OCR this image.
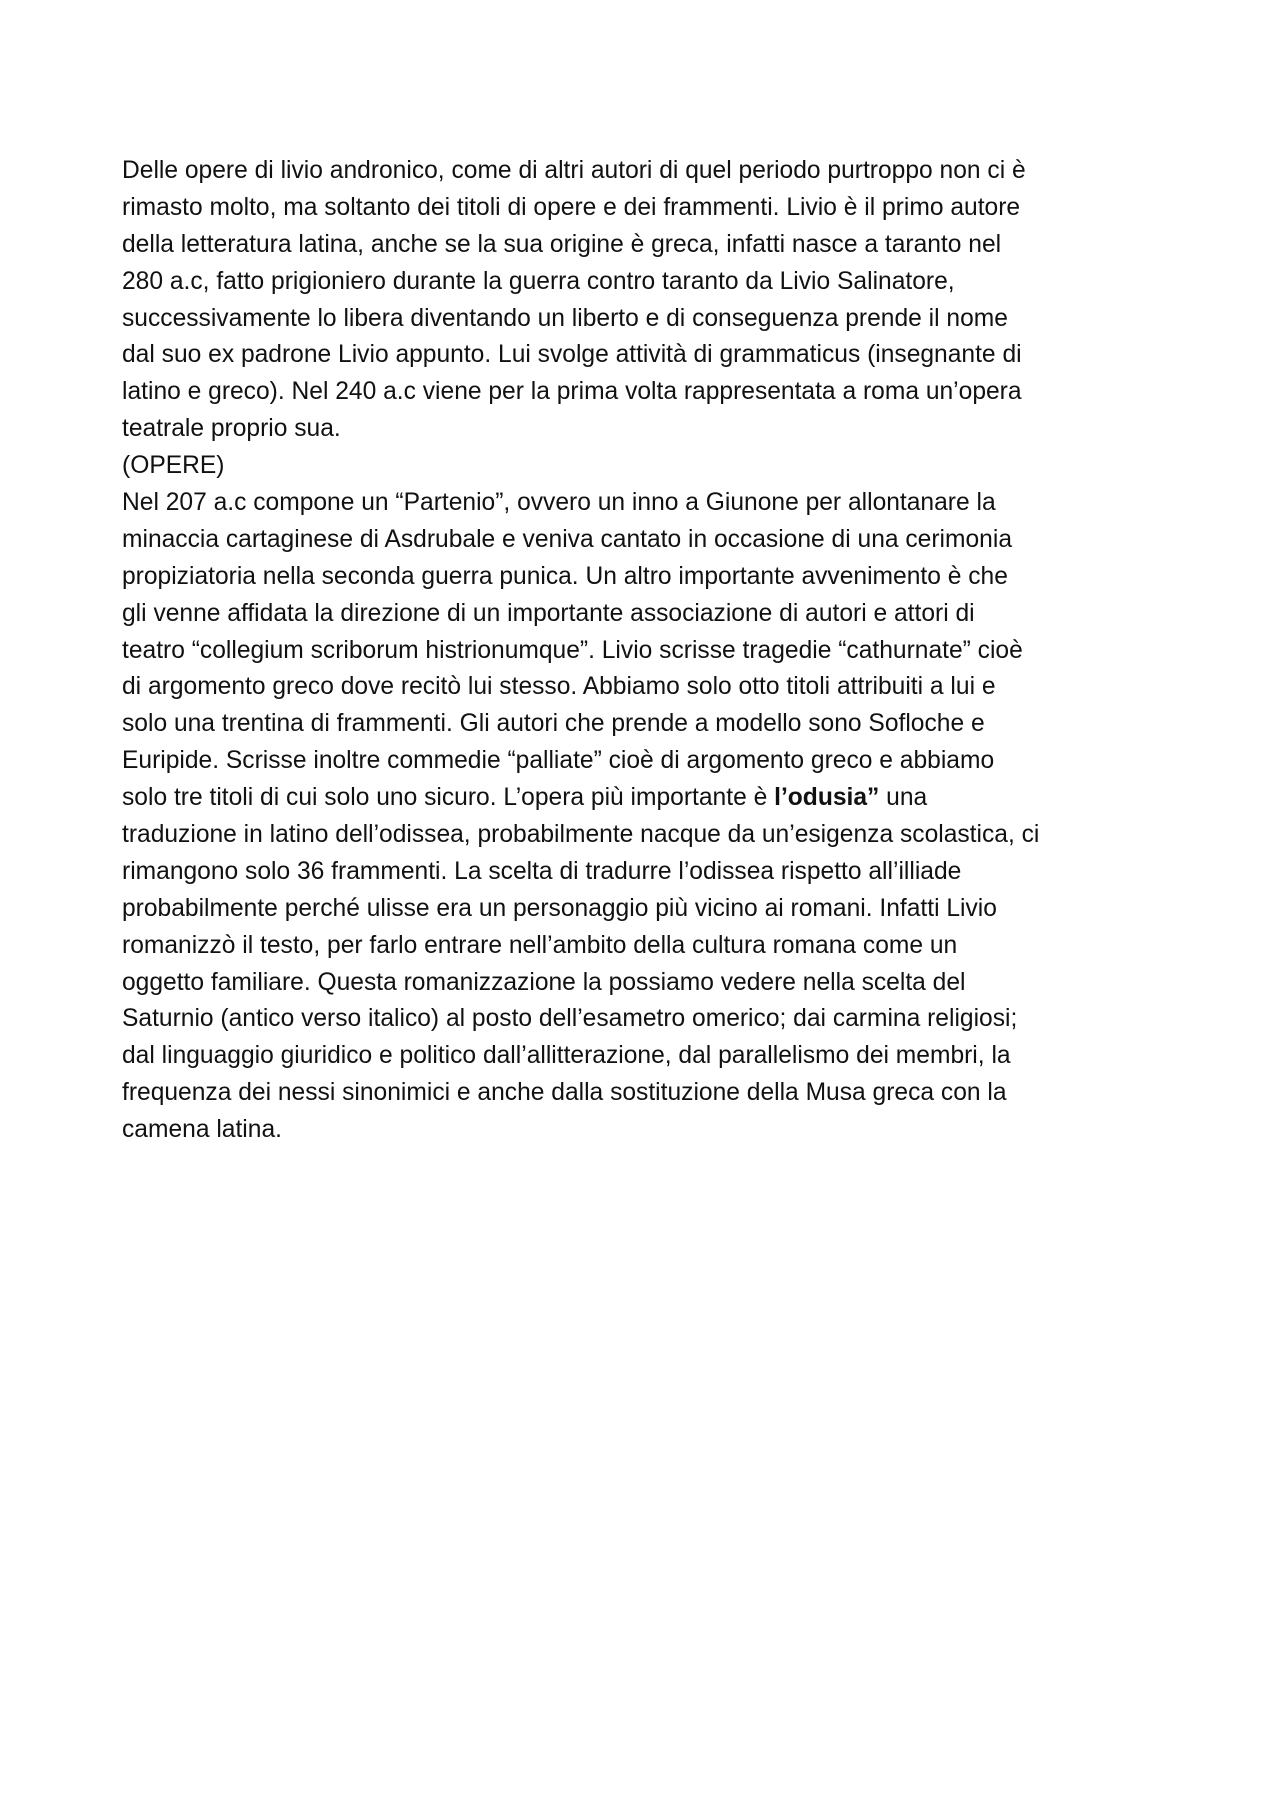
Delle opere di livio andronico, come di altri autori di quel periodo purtroppo non ci è
rimasto molto, ma soltanto dei titoli di opere e dei frammenti. Livio è il primo autore
della letteratura latina, anche se la sua origine è greca, infatti nasce a taranto nel
280 a.c, fatto prigioniero durante la guerra contro taranto da Livio Salinatore,
successivamente lo libera diventando un liberto e di conseguenza prende il nome
dal suo ex padrone Livio appunto. Lui svolge attività di grammaticus (insegnante di
latino e greco). Nel 240 a.c viene per la prima volta rappresentata a roma un’opera
teatrale proprio sua.
(OPERE)
Nel 207 a.c compone un “Partenio”, ovvero un inno a Giunone per allontanare la
minaccia cartaginese di Asdrubale e veniva cantato in occasione di una cerimonia
propiziatoria nella seconda guerra punica. Un altro importante avvenimento è che
gli venne affidata la direzione di un importante associazione di autori e attori di
teatro “collegium scriborum histrionumque”. Livio scrisse tragedie “cathurnate” cioè
di argomento greco dove recitò lui stesso. Abbiamo solo otto titoli attribuiti a lui e
solo una trentina di frammenti. Gli autori che prende a modello sono Sofloche e
Euripide. Scrisse inoltre commedie “palliate” cioè di argomento greco e abbiamo
solo tre titoli di cui solo uno sicuro. L’opera più importante è l’odusia” una
traduzione in latino dell’odissea, probabilmente nacque da un’esigenza scolastica, ci
rimangono solo 36 frammenti. La scelta di tradurre l’odissea rispetto all’illiade
probabilmente perché ulisse era un personaggio più vicino ai romani. Infatti Livio
romanizzò il testo, per farlo entrare nell’ambito della cultura romana come un
oggetto familiare. Questa romanizzazione la possiamo vedere nella scelta del
Saturnio (antico verso italico) al posto dell’esametro omerico; dai carmina religiosi;
dal linguaggio giuridico e politico dall’allitterazione, dal parallelismo dei membri, la
frequenza dei nessi sinonimici e anche dalla sostituzione della Musa greca con la
camena latina.
